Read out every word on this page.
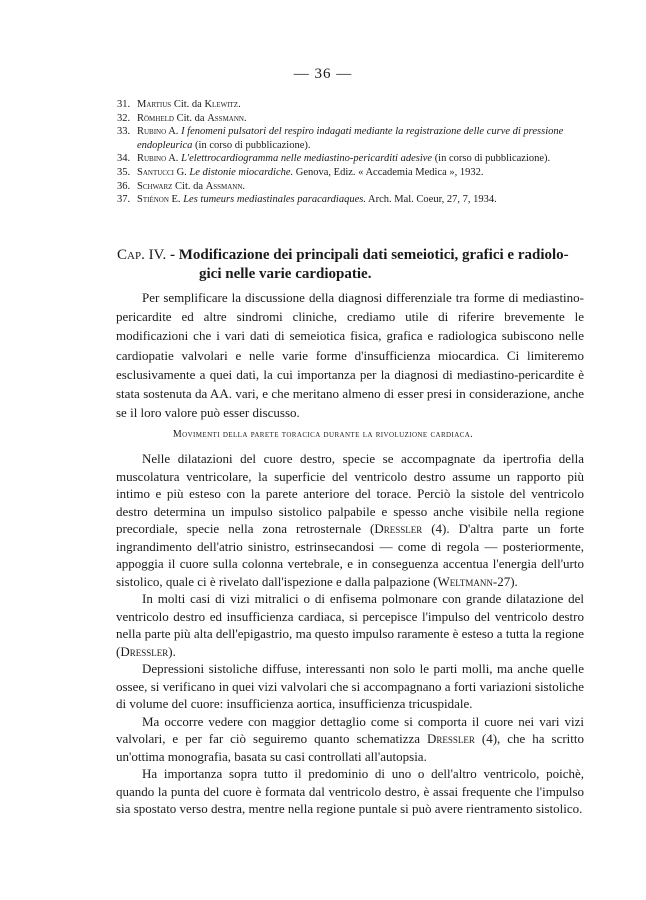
— 36 —
31. Martius Cit. da Klewitz.
32. Römheld Cit. da Assmann.
33. Rubino A. I fenomeni pulsatori del respiro indagati mediante la registrazione delle curve di pressione endopleurica (in corso di pubblicazione).
34. Rubino A. L'elettrocardiogramma nelle mediastino-pericarditi adesive (in corso di pubblicazione).
35. Santucci G. Le distonie miocardiche. Genova, Ediz. « Accademia Medica », 1932.
36. Schwarz Cit. da Assmann.
37. Stiénon E. Les tumeurs mediastinales paracardiaques. Arch. Mal. Coeur, 27, 7, 1934.
Cap. IV. - Modificazione dei principali dati semeiotici, grafici e radiolo-
gici nelle varie cardiopatie.

Per semplificare la discussione della diagnosi differenziale tra forme di mediastino-pericardite ed altre sindromi cliniche, crediamo utile di riferire brevemente le modificazioni che i vari dati di semeiotica fisica, grafica e radiologica subiscono nelle cardiopatie valvolari e nelle varie forme d'insufficienza miocardica. Ci limiteremo esclusivamente a quei dati, la cui importanza per la diagnosi di mediastino-pericardite è stata sostenuta da AA. vari, e che meritano almeno di esser presi in considerazione, anche se il loro valore può esser discusso.

Movimenti della parete toracica durante la rivoluzione cardiaca.

Nelle dilatazioni del cuore destro, specie se accompagnate da ipertrofia della muscolatura ventricolare, la superficie del ventricolo destro assume un rapporto più intimo e più esteso con la parete anteriore del torace. Perciò la sistole del ventricolo destro determina un impulso sistolico palpabile e spesso anche visibile nella regione precordiale, specie nella zona retrosternale (Dressler (4). D'altra parte un forte ingrandimento dell'atrio sinistro, estrinsecandosi — come di regola — posteriormente, appoggia il cuore sulla colonna vertebrale, e in conseguenza accentua l'energia dell'urto sistolico, quale ci è rivelato dall'ispezione e dalla palpazione (Weltmann-27).

In molti casi di vizi mitralici o di enfisema polmonare con grande dilatazione del ventricolo destro ed insufficienza cardiaca, si percepisce l'impulso del ventricolo destro nella parte più alta dell'epigastrio, ma questo impulso raramente è esteso a tutta la regione (Dressler).

Depressioni sistoliche diffuse, interessanti non solo le parti molli, ma anche quelle ossee, si verificano in quei vizi valvolari che si accompagnano a forti variazioni sistoliche di volume del cuore: insufficienza aortica, insufficienza tricuspidale.

Ma occorre vedere con maggior dettaglio come si comporta il cuore nei vari vizi valvolari, e per far ciò seguiremo quanto schematizza Dressler (4), che ha scritto un'ottima monografia, basata su casi controllati all'autopsia.

Ha importanza sopra tutto il predominio di uno o dell'altro ventricolo, poichè, quando la punta del cuore è formata dal ventricolo destro, è assai frequente che l'impulso sia spostato verso destra, mentre nella regione puntale si può avere rientramento sistolico.
